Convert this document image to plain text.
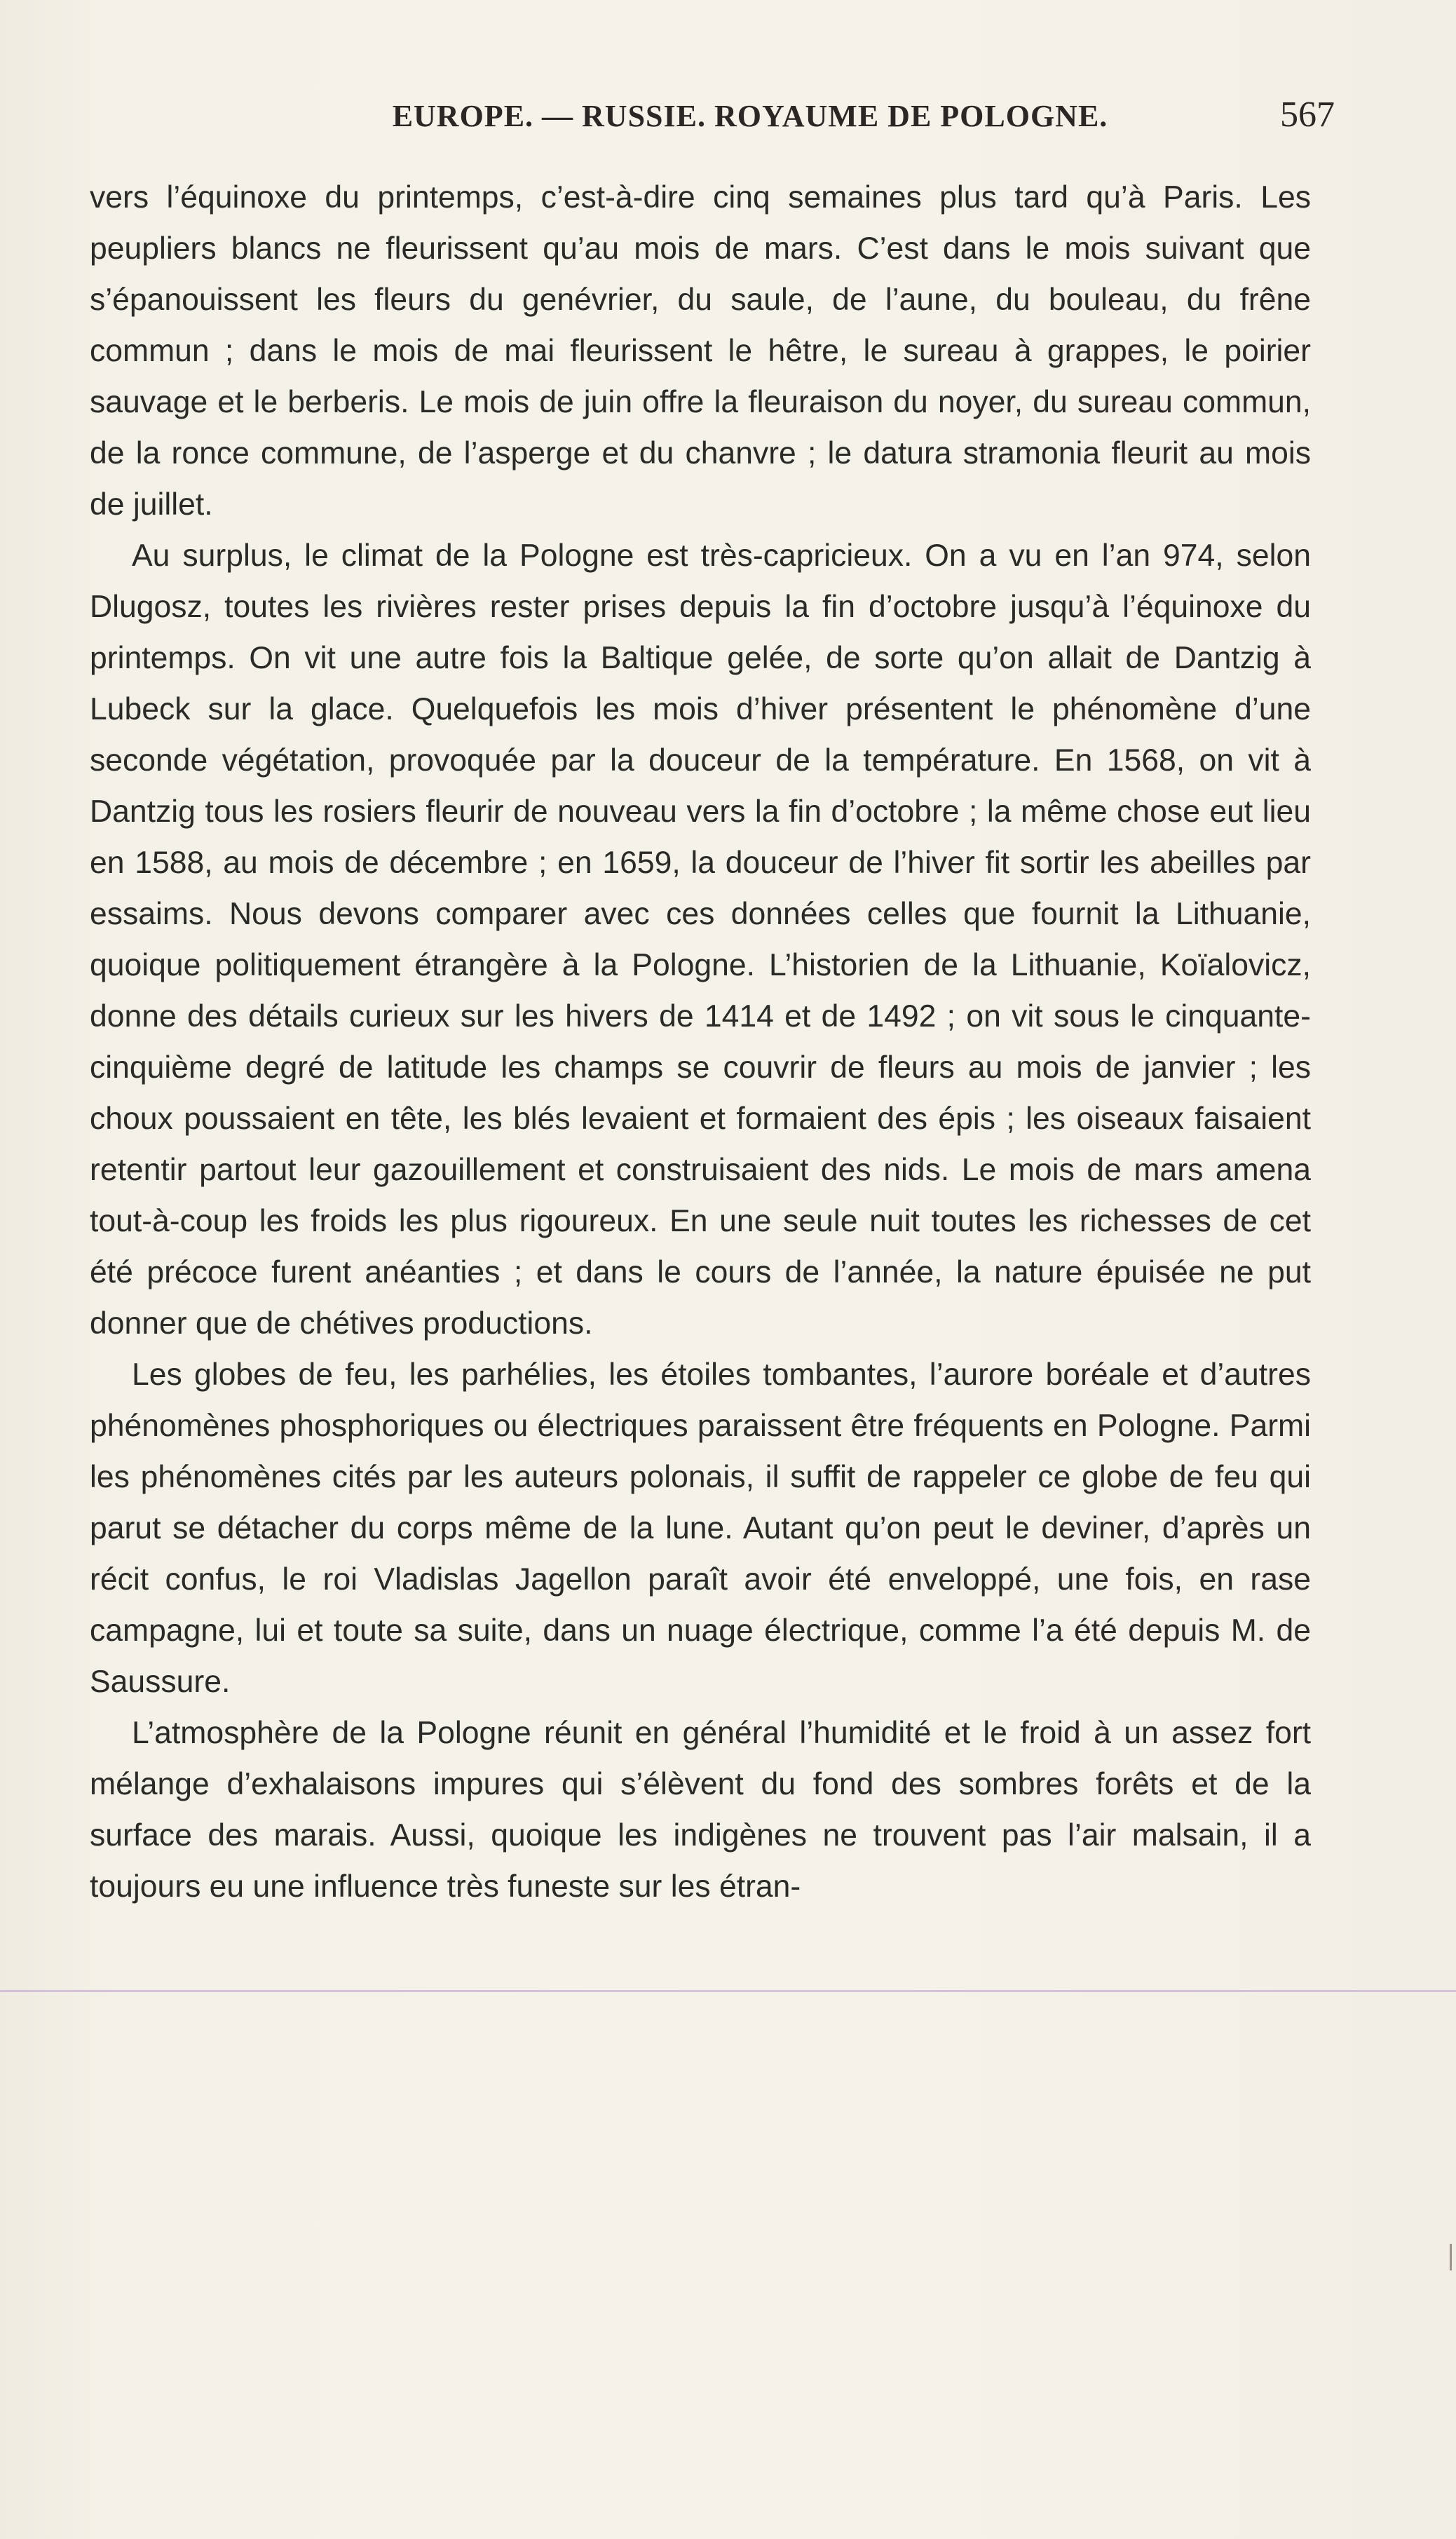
EUROPE. — RUSSIE. ROYAUME DE POLOGNE.	567

vers l’équinoxe du printemps, c’est-à-dire cinq semaines plus tard qu’à Paris. Les peupliers blancs ne fleurissent qu’au mois de mars. C’est dans le mois suivant que s’épanouissent les fleurs du genévrier, du saule, de l’aune, du bouleau, du frêne commun ; dans le mois de mai fleurissent le hêtre, le sureau à grappes, le poirier sauvage et le berberis. Le mois de juin offre la fleuraison du noyer, du sureau commun, de la ronce commune, de l’asperge et du chanvre ; le datura stramonia fleurit au mois de juillet.

Au surplus, le climat de la Pologne est très-capricieux. On a vu en l’an 974, selon Dlugosz, toutes les rivières rester prises depuis la fin d’octobre jusqu’à l’équinoxe du printemps. On vit une autre fois la Baltique gelée, de sorte qu’on allait de Dantzig à Lubeck sur la glace. Quelquefois les mois d’hiver présentent le phénomène d’une seconde végétation, provoquée par la douceur de la température. En 1568, on vit à Dantzig tous les rosiers fleurir de nouveau vers la fin d’octobre ; la même chose eut lieu en 1588, au mois de décembre ; en 1659, la douceur de l’hiver fit sortir les abeilles par essaims. Nous devons comparer avec ces données celles que fournit la Lithuanie, quoique politiquement étrangère à la Pologne. L’historien de la Lithuanie, Koïalovicz, donne des détails curieux sur les hivers de 1414 et de 1492 ; on vit sous le cinquante-cinquième degré de latitude les champs se couvrir de fleurs au mois de janvier ; les choux poussaient en tête, les blés levaient et formaient des épis ; les oiseaux faisaient retentir partout leur gazouillement et construisaient des nids. Le mois de mars amena tout-à-coup les froids les plus rigoureux. En une seule nuit toutes les richesses de cet été précoce furent anéanties ; et dans le cours de l’année, la nature épuisée ne put donner que de chétives productions.

Les globes de feu, les parhélies, les étoiles tombantes, l’aurore boréale et d’autres phénomènes phosphoriques ou électriques paraissent être fréquents en Pologne. Parmi les phénomènes cités par les auteurs polonais, il suffit de rappeler ce globe de feu qui parut se détacher du corps même de la lune. Autant qu’on peut le deviner, d’après un récit confus, le roi Vladislas Jagellon paraît avoir été enveloppé, une fois, en rase campagne, lui et toute sa suite, dans un nuage électrique, comme l’a été depuis M. de Saussure.

L’atmosphère de la Pologne réunit en général l’humidité et le froid à un assez fort mélange d’exhalaisons impures qui s’élèvent du fond des sombres forêts et de la surface des marais. Aussi, quoique les indigènes ne trouvent pas l’air malsain, il a toujours eu une influence très funeste sur les étran-
